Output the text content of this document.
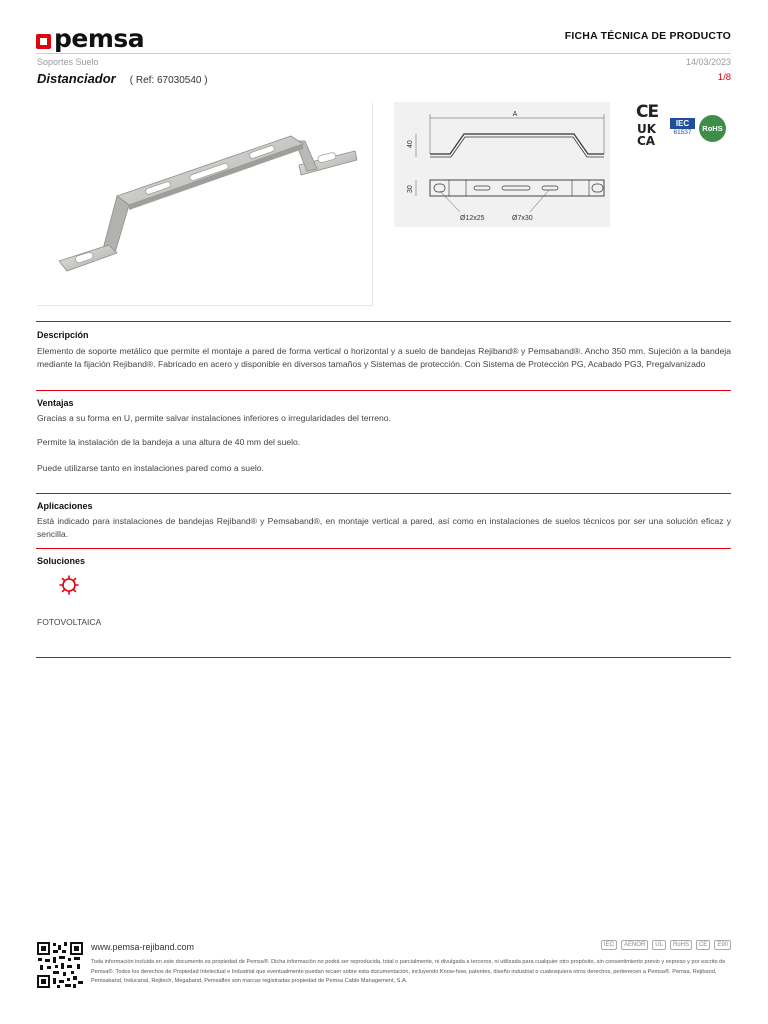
pemsa	FICHA TÉCNICA DE PRODUCTO
Soportes Suelo	14/03/2023
Distanciador ( Ref: 67030540 )	1/8
A
40
30
Ø12x25	Ø7x30
CE
UK
CA
IEC
61537	RoHS
Descripción
Elemento de soporte metálico que permite el montaje a pared de forma vertical o horizontal y a suelo de bandejas Rejiband® y Pemsaband®. Ancho 350 mm. Sujeción a la bandeja mediante la fijación Rejiband®. Fabricado en acero y disponible en diversos tamaños y Sistemas de protección. Con Sistema de Protección PG, Acabado PG3, Pregalvanizado
Ventajas
Gracias a su forma en U, permite salvar instalaciones inferiores o irregularidades del terreno.
Permite la instalación de la bandeja a una altura de 40 mm del suelo.
Puede utilizarse tanto en instalaciones pared como a suelo.
Aplicaciones
Está indicado para instalaciones de bandejas Rejiband® y Pemsaband®, en montaje vertical a pared, así como en instalaciones de suelos técnicos por ser una solución eficaz y sencilla.
Soluciones
FOTOVOLTAICA
www.pemsa-rejiband.com
Toda información incluida en este documento es propiedad de Pemsa®. Dicha información no podrá ser reproducida, total o parcialmente, ni divulgada a terceros, ni utilizada para cualquier otro propósito, sin consentimiento previo y expreso y por escrito de Pemsa®. Todos los derechos de Propiedad Intelectual e Industrial que eventualmente puedan recaer sobre esta documentación, incluyendo Know-how, patentes, diseño industrial o cualesquiera otros derechos, pertenecen a Pemsa®. Pemsa, Rejiband, Pemsaband, Inducanal, Rejitech, Megaband, Pemsaflex son marcas registradas propiedad de Pemsa Cable Management, S.A.
IEC	AENOR	UL	RoHS	CE	E90
